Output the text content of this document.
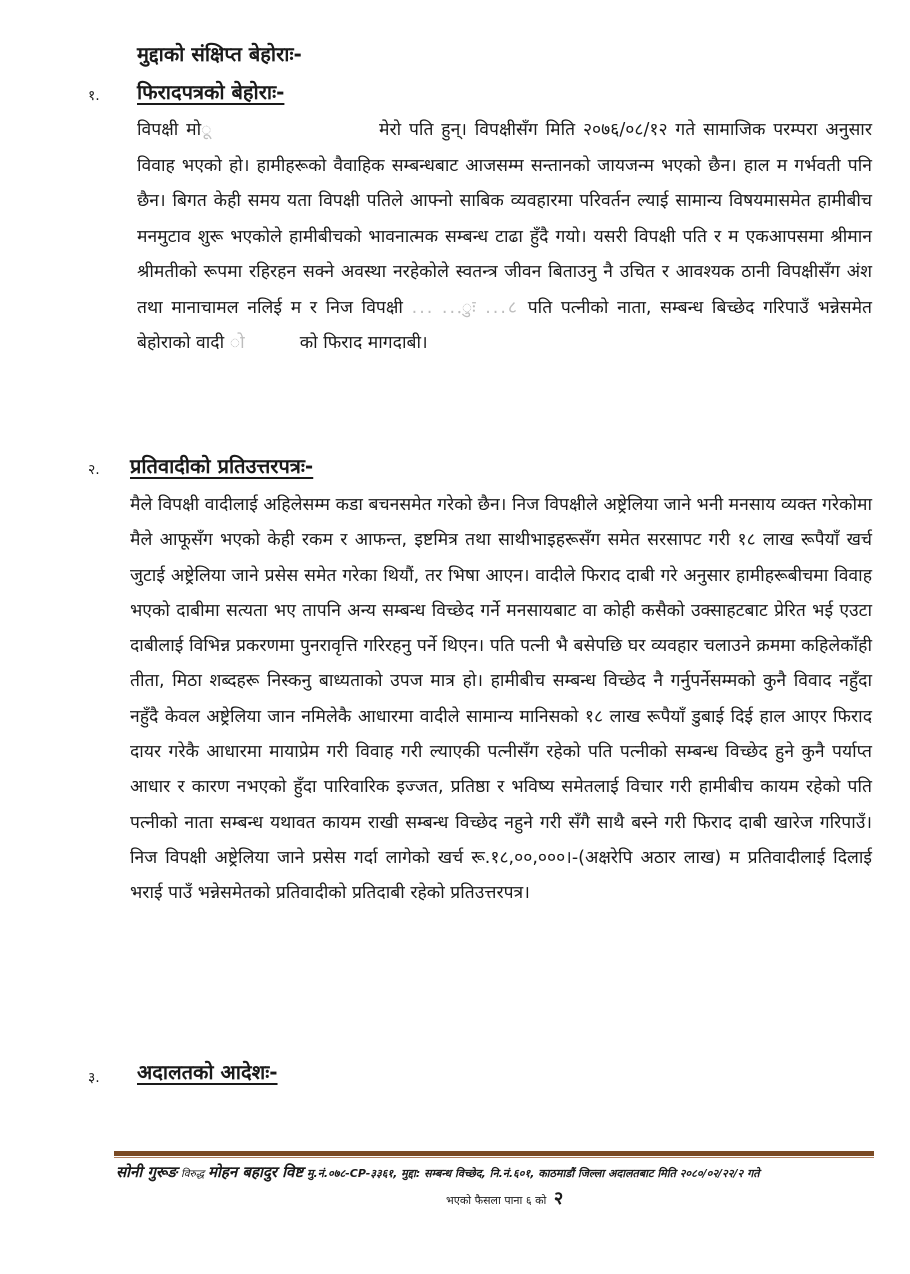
मुद्दाको संक्षिप्त बेहोराः-
१. फिरादपत्रको बेहोराः-
विपक्षी मोू	मेरो पति हुन्। विपक्षीसँग मिति २०७६/०८/१२ गते सामाजिक परम्परा अनुसार विवाह भएको हो। हामीहरूको वैवाहिक सम्बन्धबाट आजसम्म सन्तानको जायजन्म भएको छैन। हाल म गर्भवती पनि छैन। बिगत केही समय यता विपक्षी पतिले आफ्नो साबिक व्यवहारमा परिवर्तन ल्याई सामान्य विषयमासमेत हामीबीच मनमुटाव शुरू भएकोले हामीबीचको भावनात्मक सम्बन्ध टाढा हुँदै गयो। यसरी विपक्षी पति र म एकआपसमा श्रीमान श्रीमतीको रूपमा रहिरहन सक्ने अवस्था नरहेकोले स्वतन्त्र जीवन बिताउनु नै उचित र आवश्यक ठानी विपक्षीसँग अंश तथा मानाचामल नलिई म र निज विपक्षी ... ...ुः ...८ पति पत्नीको नाता, सम्बन्ध बिच्छेद गरिपाउँ भन्नेसमेत बेहोराको वादी ो	को फिराद मागदाबी।
२. प्रतिवादीको प्रतिउत्तरपत्रः-
मैले विपक्षी वादीलाई अहिलेसम्म कडा बचनसमेत गरेको छैन। निज विपक्षीले अष्ट्रेलिया जाने भनी मनसाय व्यक्त गरेकोमा मैले आफूसँग भएको केही रकम र आफन्त, इष्टमित्र तथा साथीभाइहरूसँग समेत सरसापट गरी १८ लाख रूपैयाँ खर्च जुटाई अष्ट्रेलिया जाने प्रसेस समेत गरेका थियौं, तर भिषा आएन। वादीले फिराद दाबी गरे अनुसार हामीहरूबीचमा विवाह भएको दाबीमा सत्यता भए तापनि अन्य सम्बन्ध विच्छेद गर्ने मनसायबाट वा कोही कसैको उक्साहटबाट प्रेरित भई एउटा दाबीलाई विभिन्न प्रकरणमा पुनरावृत्ति गरिरहनु पर्ने थिएन। पति पत्नी भै बसेपछि घर व्यवहार चलाउने क्रममा कहिलेकाँही तीता, मिठा शब्दहरू निस्कनु बाध्यताको उपज मात्र हो। हामीबीच सम्बन्ध विच्छेद नै गर्नुपर्नेसम्मको कुनै विवाद नहुँदा नहुँदै केवल अष्ट्रेलिया जान नमिलेकै आधारमा वादीले सामान्य मानिसको १८ लाख रूपैयाँ डुबाई दिई हाल आएर फिराद दायर गरेकै आधारमा मायाप्रेम गरी विवाह गरी ल्याएकी पत्नीसँग रहेको पति पत्नीको सम्बन्ध विच्छेद हुने कुनै पर्याप्त आधार र कारण नभएको हुँदा पारिवारिक इज्जत, प्रतिष्ठा र भविष्य समेतलाई विचार गरी हामीबीच कायम रहेको पति पत्नीको नाता सम्बन्ध यथावत कायम राखी सम्बन्ध विच्छेद नहुने गरी सँगै साथै बस्ने गरी फिराद दाबी खारेज गरिपाउँ। निज विपक्षी अष्ट्रेलिया जाने प्रसेस गर्दा लागेको खर्च रू.१८,००,०००।-(अक्षरेपि अठार लाख) म प्रतिवादीलाई दिलाई भराई पाउँ भन्नेसमेतको प्रतिवादीको प्रतिदाबी रहेको प्रतिउत्तरपत्र।
३. अदालतको आदेशः-
सोनी गुरूङ विरुद्ध मोहन बहादुर विष्ट मु.नं.०७८-CP-३३६१, मुद्दा: सम्बन्ध विच्छेद, नि.नं.६०१, काठमाडौं जिल्ला अदालतबाट मिति २०८०/०२/२२/२ गते
भएको फैसला पाना ६ को २
